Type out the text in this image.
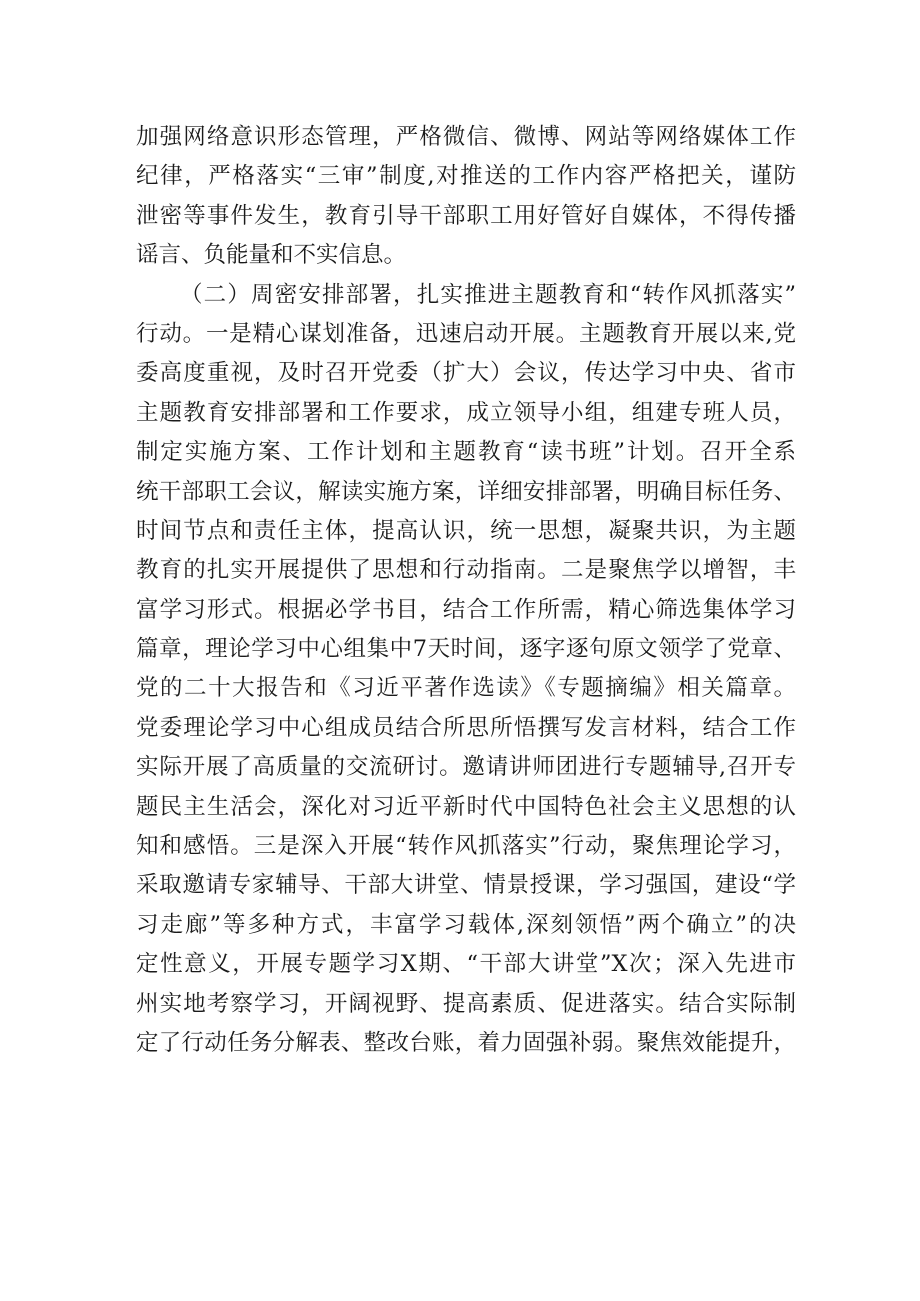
加强网络意识形态管理，严格微信、微博、网站等网络媒体工作
纪律，严格落实“三审”制度,对推送的工作内容严格把关，谨防
泄密等事件发生，教育引导干部职工用好管好自媒体，不得传播
谣言、负能量和不实信息。
（二）周密安排部署，扎实推进主题教育和“转作风抓落实”
行动。一是精心谋划准备，迅速启动开展。主题教育开展以来,党
委高度重视，及时召开党委（扩大）会议，传达学习中央、省市
主题教育安排部署和工作要求，成立领导小组，组建专班人员，
制定实施方案、工作计划和主题教育“读书班”计划。召开全系
统干部职工会议，解读实施方案，详细安排部署，明确目标任务、
时间节点和责任主体，提高认识，统一思想，凝聚共识，为主题
教育的扎实开展提供了思想和行动指南。二是聚焦学以增智，丰
富学习形式。根据必学书目，结合工作所需，精心筛选集体学习
篇章，理论学习中心组集中7天时间，逐字逐句原文领学了党章、
党的二十大报告和《习近平著作选读》《专题摘编》相关篇章。
党委理论学习中心组成员结合所思所悟撰写发言材料，结合工作
实际开展了高质量的交流研讨。邀请讲师团进行专题辅导,召开专
题民主生活会，深化对习近平新时代中国特色社会主义思想的认
知和感悟。三是深入开展“转作风抓落实”行动，聚焦理论学习，
采取邀请专家辅导、干部大讲堂、情景授课，学习强国，建设“学
习走廊”等多种方式，丰富学习载体,深刻领悟”两个确立”的决
定性意义，开展专题学习X期、“干部大讲堂”X次；深入先进市
州实地考察学习，开阔视野、提高素质、促进落实。结合实际制
定了行动任务分解表、整改台账，着力固强补弱。聚焦效能提升，
